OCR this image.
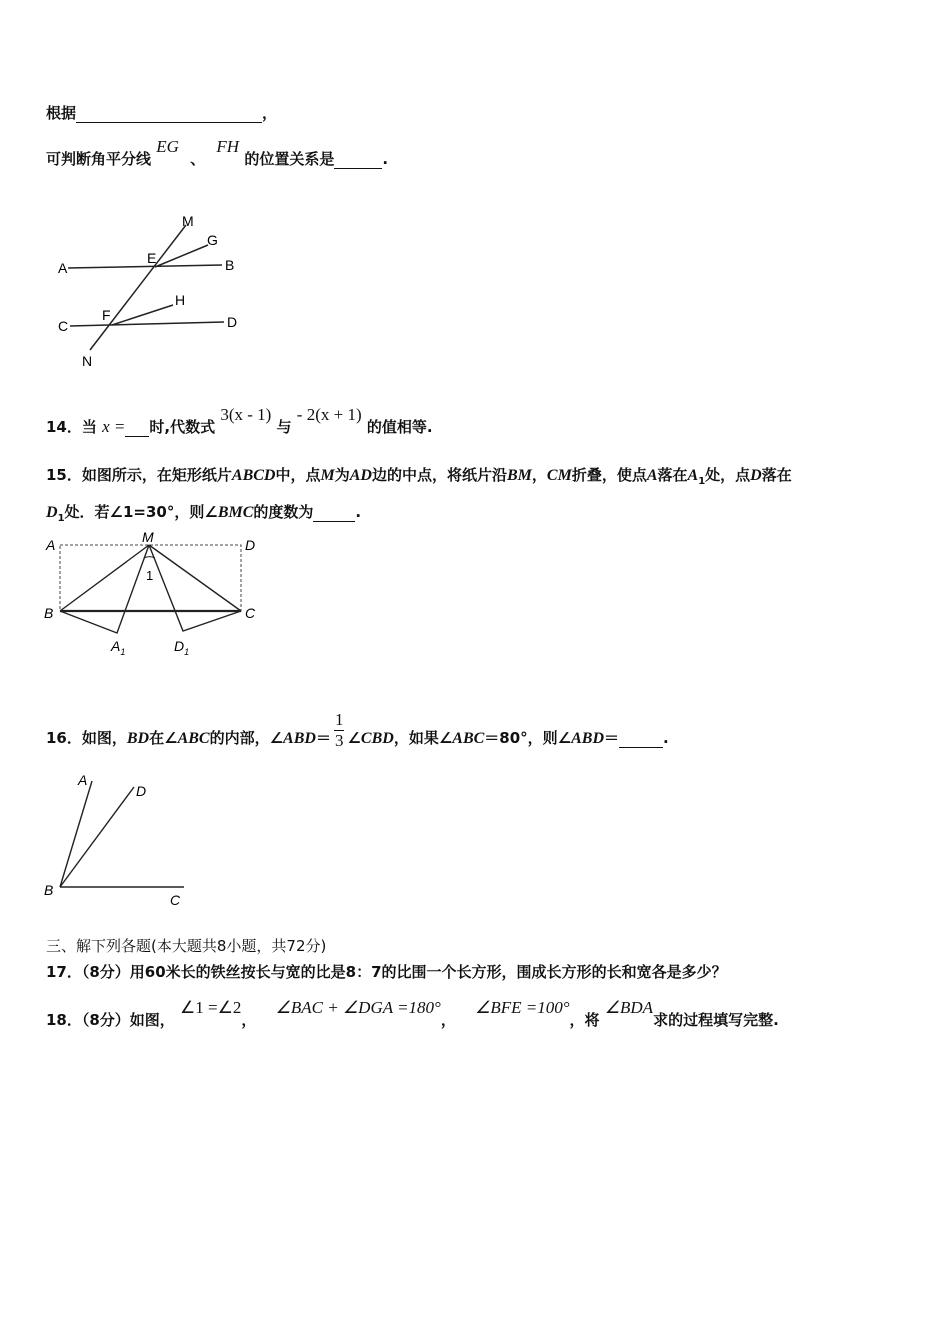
根据	，
可判断角平分线 EG 、 FH 的位置关系是	.
M
G
A
E	B
H
F
C	D
N
14．当 x = 时,代数式 3(x - 1) 与 - 2(x + 1) 的值相等.
15．如图所示，在矩形纸片ABCD中，点M为AD边的中点，将纸片沿BM，CM折叠，使点A落在$A_1$处，点D落在
$D_1$处．若∠1=30°，则∠BMC的度数为	.
A	M	D
1
B	C
$A_1$	$D_1$
16．如图，BD在∠ABC的内部，∠ABD＝ $\frac{1}{3}$ ∠CBD，如果∠ABC＝80°，则∠ABD＝	.
A
D
B
C
三、解下列各题(本大题共8小题，共72分)
17．（8分）用60米长的铁丝按长与宽的比是8：7的比围一个长方形，围成长方形的长和宽各是多少？
18．（8分）如图， ∠1 =∠2， ∠BAC + ∠DGA =180°， ∠BFE =100°，将 ∠BDA求的过程填写完整.
